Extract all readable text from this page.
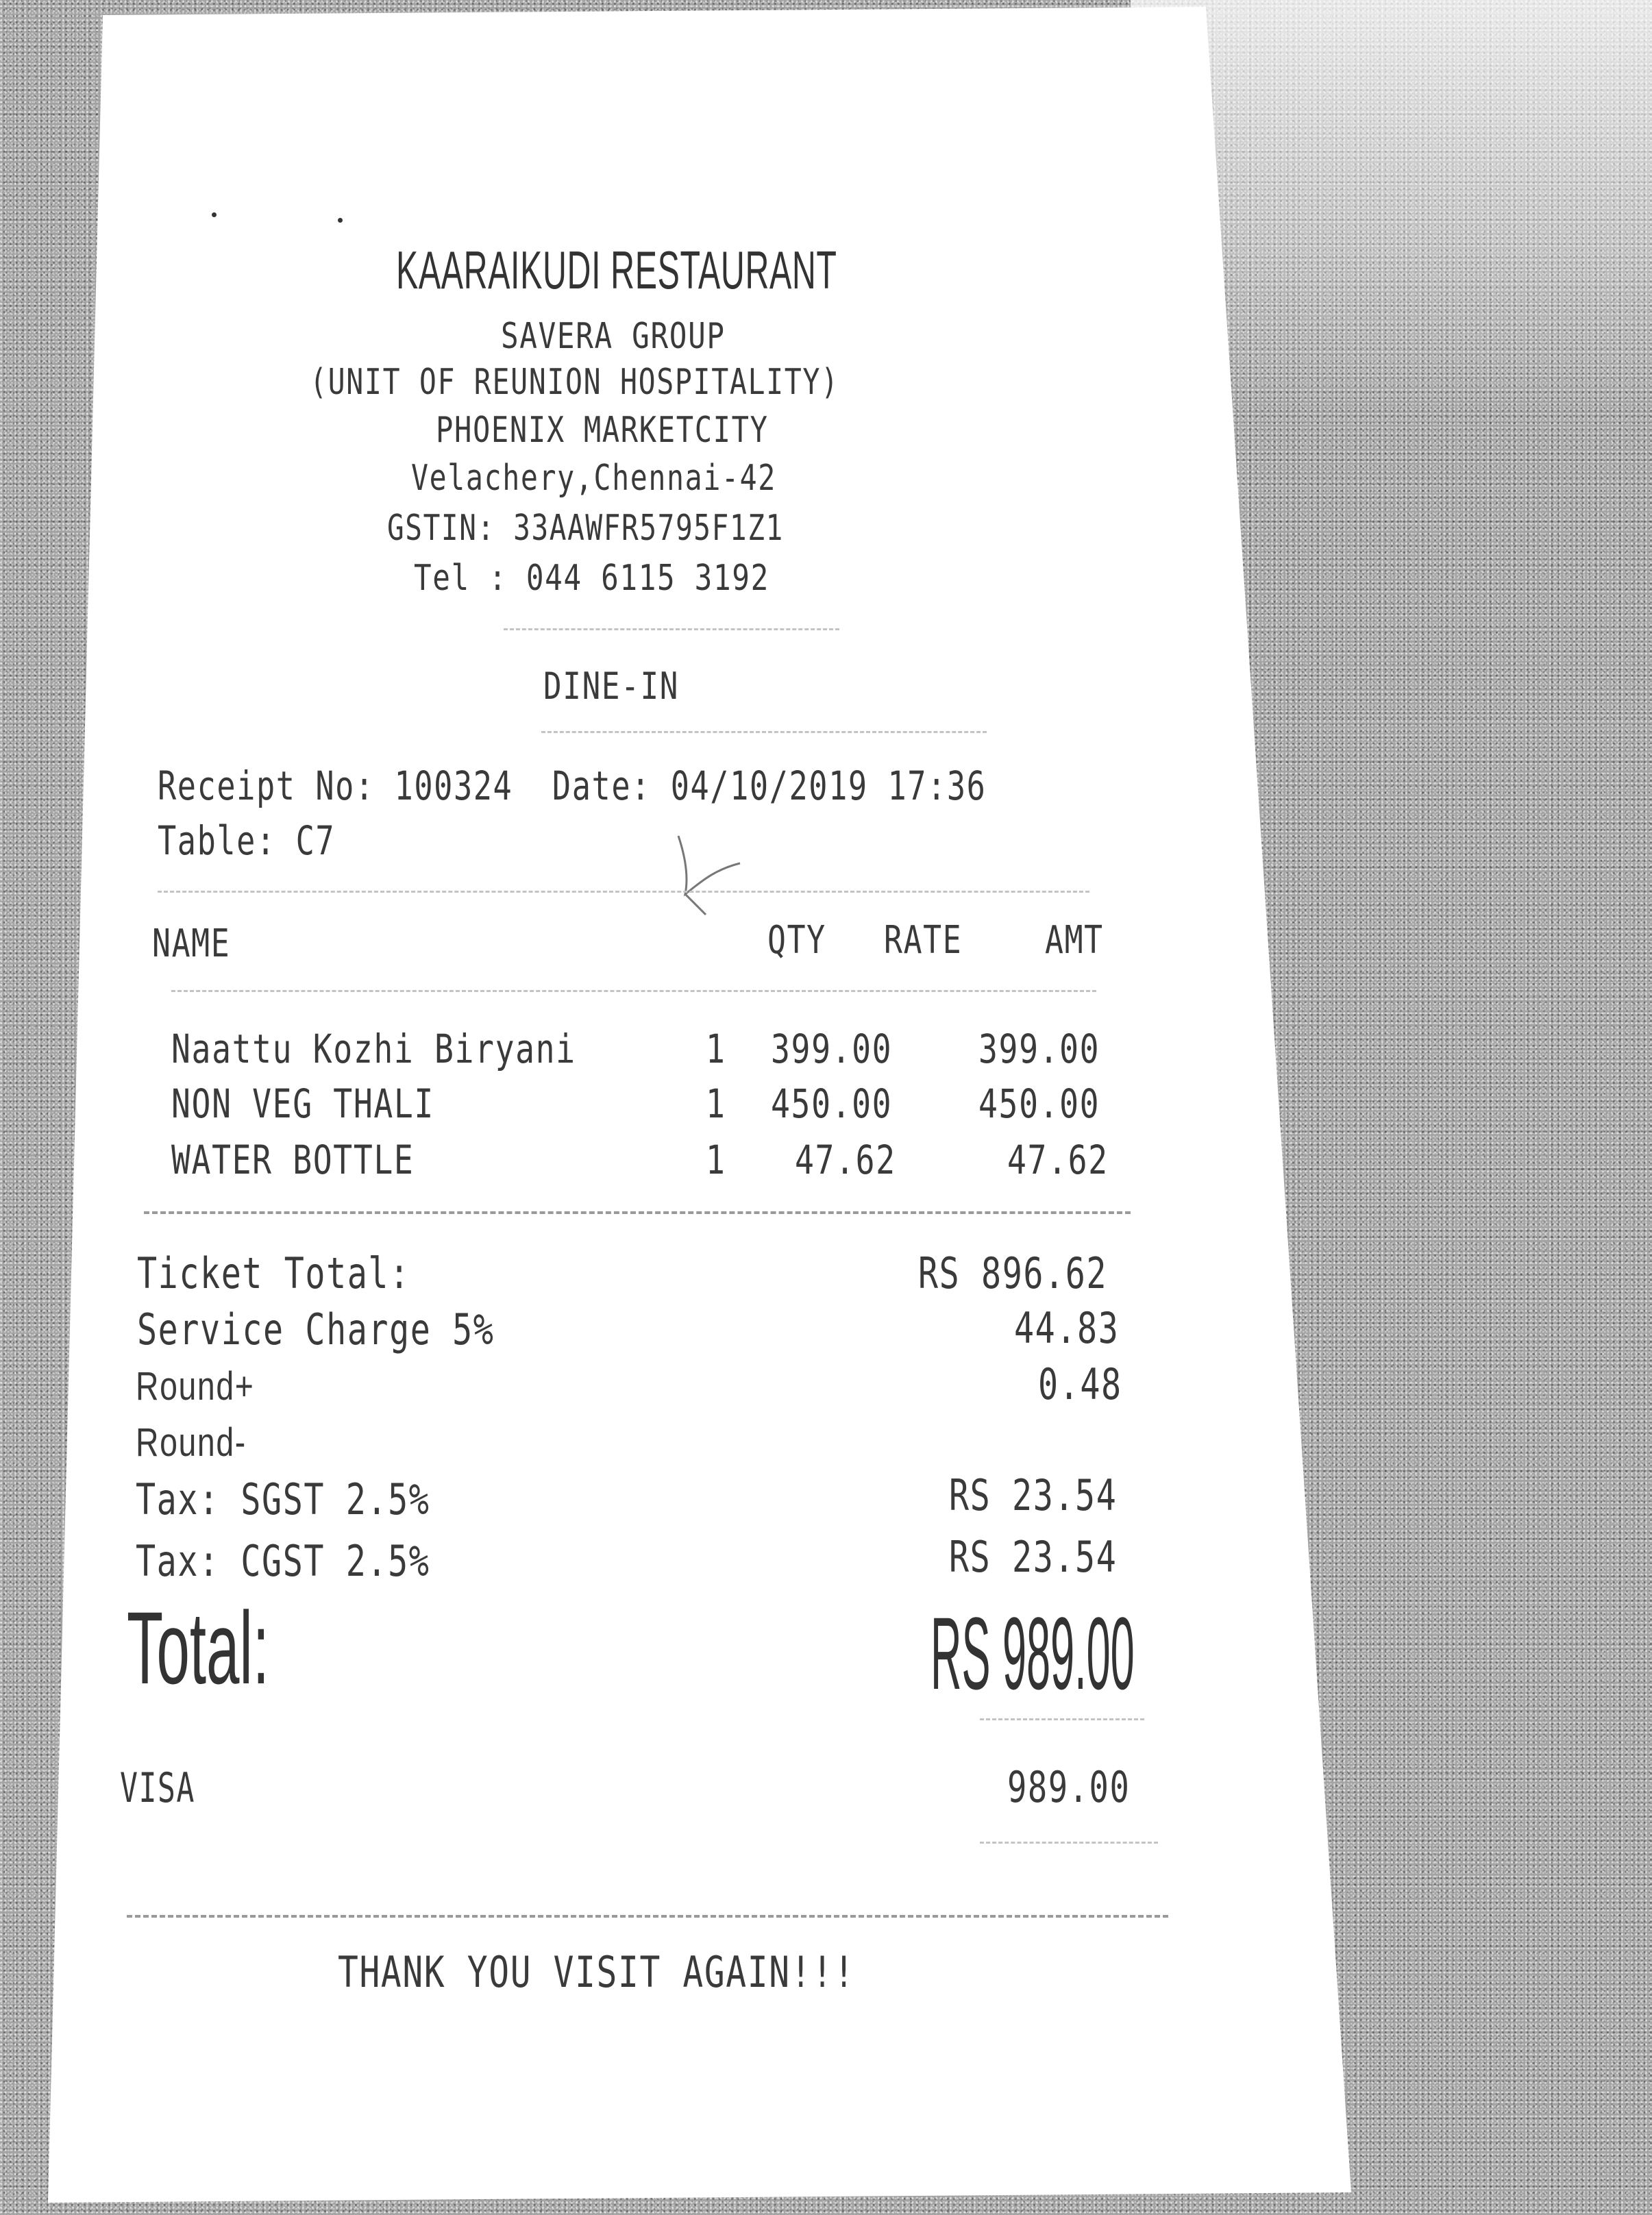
KAARAIKUDI RESTAURANT
SAVERA GROUP
(UNIT OF REUNION HOSPITALITY)
PHOENIX MARKETCITY
Velachery,Chennai-42
GSTIN: 33AAWFR5795F1Z1
Tel : 044 6115 3192
DINE-IN
Receipt No: 100324  Date: 04/10/2019 17:36
Table: C7
NAME	QTY RATE AMT
Naattu Kozhi Biryani	1 399.00 399.00
NON VEG THALI	1 450.00 450.00
WATER BOTTLE	1 47.62	47.62
Ticket Total:	RS 896.62
Service Charge 5%	44.83
Round+	0.48
Round-
Tax: SGST 2.5%	RS 23.54
Tax: CGST 2.5%	RS 23.54
Total:	RS 989.00
VISA	989.00
THANK YOU VISIT AGAIN!!!
